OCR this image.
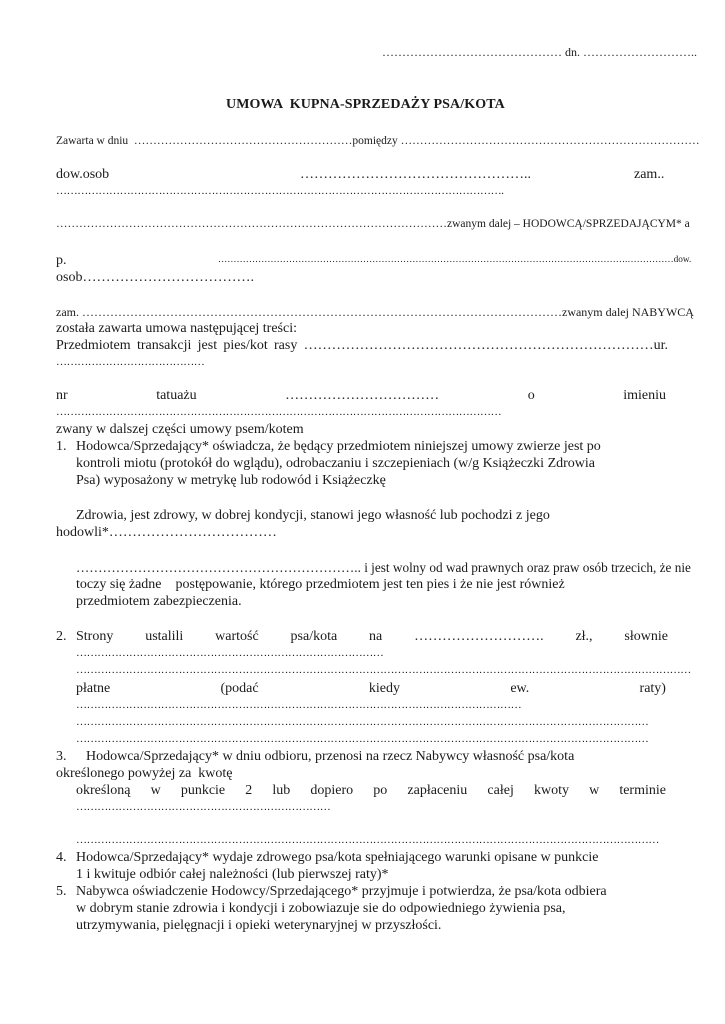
……………………………………… dn. ………………………..
UMOWA  KUPNA-SPRZEDAŻY PSA/KOTA
Zawarta w dniu  …………………………………………………pomiędzy ……………………………………………………………………
dow.osob	…………………………………………..	zam..
……………………………………………………………………………………………………………….
…………………………………………………………………………………………zwanym dalej – HODOWCĄ/SPRZEDAJĄCYM* a
p.	…………………………………………………………………………………………………………………….……………dow.
osob……………………………….
zam. …………………………………………………………………………………………………………zwanym dalej NABYWCĄ
została zawarta umowa następującej treści:
Przedmiotem transakcji jest pies/kot rasy …………………………………………………………………ur.
……………………………………
nr	tatuażu	……………………………	o	imieniu
………………………………………………………………………………………………………………
zwany w dalszej części umowy psem/kotem
1. Hodowca/Sprzedający* oświadcza, że będący przedmiotem niniejszej umowy zwierze jest po
kontroli miotu (protokół do wglądu), odrobaczaniu i szczepieniach (w/g Książeczki Zdrowia
Psa) wyposażony w metrykę lub rodowód i Książeczkę
Zdrowia, jest zdrowy, w dobrej kondycji, stanowi jego własność lub pochodzi z jego
hodowli*………………………………
……………………………………………………….. i jest wolny od wad prawnych oraz praw osób trzecich, że nie
toczy się żadne    postępowanie, którego przedmiotem jest ten pies i że nie jest również
przedmiotem zabezpieczenia.
2. Strony ustalili wartość psa/kota na ………………………. zł., słownie
……………………………………………………………………………
…………………………………………………………………………………………………………………………………………………………
płatne	(podać	kiedy	ew.	raty)
………………………………………………………………………………………………………………
………………………………………………………………………………………………………………………………………………
………………………………………………………………………………………………………………………………………………
3. Hodowca/Sprzedający* w dniu odbioru, przenosi na rzecz Nabywcy własność psa/kota
określonego powyżej za  kwotę
określoną w punkcie 2 lub dopiero po zapłaceniu całej kwoty w terminie
………………………………………………………………
…………………………………………………………………………………………………………………………………………………
4. Hodowca/Sprzedający* wydaje zdrowego psa/kota spełniającego warunki opisane w punkcie
1 i kwituje odbiór całej należności (lub pierwszej raty)*
5. Nabywca oświadczenie Hodowcy/Sprzedającego* przyjmuje i potwierdza, że psa/kota odbiera
w dobrym stanie zdrowia i kondycji i zobowiazuje sie do odpowiedniego żywienia psa,
utrzymywania, pielęgnacji i opieki weterynaryjnej w przyszłości.
